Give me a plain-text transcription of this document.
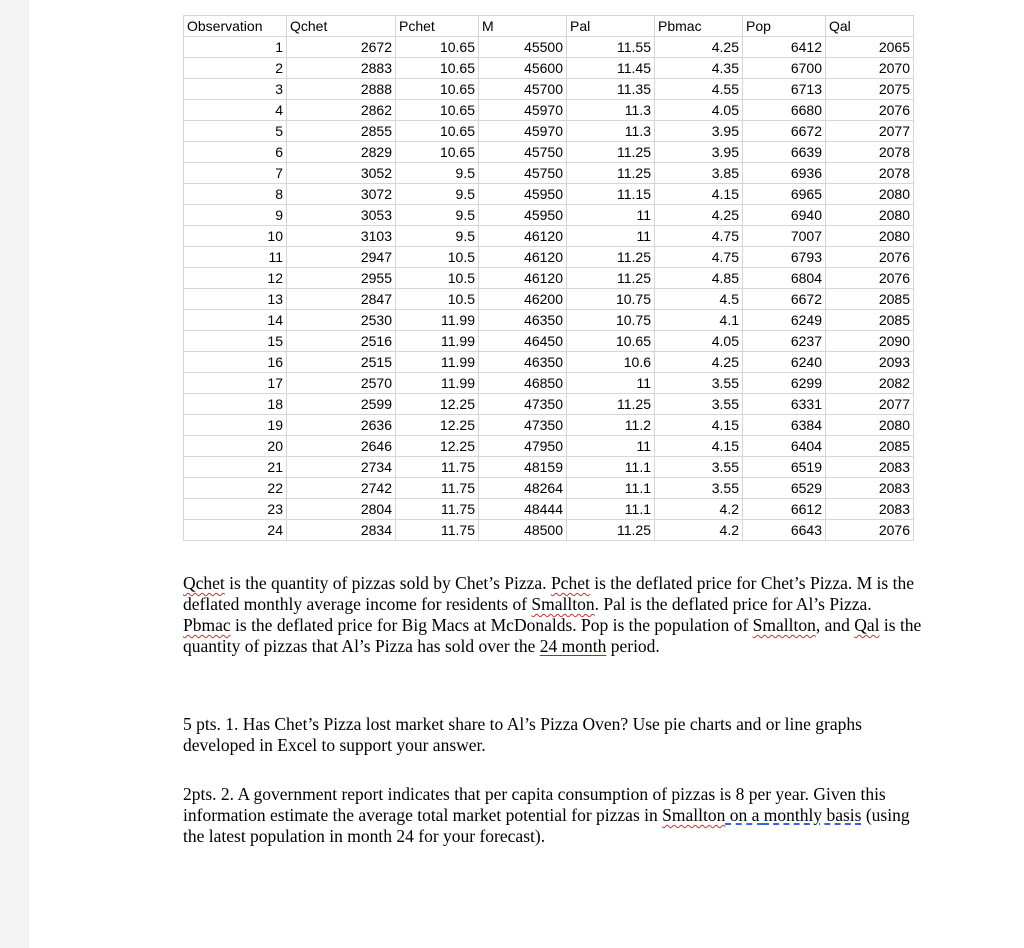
Observation	Qchet	Pchet	M	Pal	Pbmac	Pop	Qal
1	2672	10.65	45500	11.55	4.25	6412	2065
2	2883	10.65	45600	11.45	4.35	6700	2070
3	2888	10.65	45700	11.35	4.55	6713	2075
4	2862	10.65	45970	11.3	4.05	6680	2076
5	2855	10.65	45970	11.3	3.95	6672	2077
6	2829	10.65	45750	11.25	3.95	6639	2078
7	3052	9.5	45750	11.25	3.85	6936	2078
8	3072	9.5	45950	11.15	4.15	6965	2080
9	3053	9.5	45950	11	4.25	6940	2080
10	3103	9.5	46120	11	4.75	7007	2080
11	2947	10.5	46120	11.25	4.75	6793	2076
12	2955	10.5	46120	11.25	4.85	6804	2076
13	2847	10.5	46200	10.75	4.5	6672	2085
14	2530	11.99	46350	10.75	4.1	6249	2085
15	2516	11.99	46450	10.65	4.05	6237	2090
16	2515	11.99	46350	10.6	4.25	6240	2093
17	2570	11.99	46850	11	3.55	6299	2082
18	2599	12.25	47350	11.25	3.55	6331	2077
19	2636	12.25	47350	11.2	4.15	6384	2080
20	2646	12.25	47950	11	4.15	6404	2085
21	2734	11.75	48159	11.1	3.55	6519	2083
22	2742	11.75	48264	11.1	3.55	6529	2083
23	2804	11.75	48444	11.1	4.2	6612	2083
24	2834	11.75	48500	11.25	4.2	6643	2076

Qchet is the quantity of pizzas sold by Chet’s Pizza. Pchet is the deflated price for Chet’s Pizza. M is the deflated monthly average income for residents of Smallton. Pal is the deflated price for Al’s Pizza. Pbmac is the deflated price for Big Macs at McDonalds. Pop is the population of Smallton, and Qal is the quantity of pizzas that Al’s Pizza has sold over the 24 month period.

5 pts. 1. Has Chet’s Pizza lost market share to Al’s Pizza Oven? Use pie charts and or line graphs developed in Excel to support your answer.

2pts. 2. A government report indicates that per capita consumption of pizzas is 8 per year. Given this information estimate the average total market potential for pizzas in Smallton on a monthly basis (using the latest population in month 24 for your forecast).
